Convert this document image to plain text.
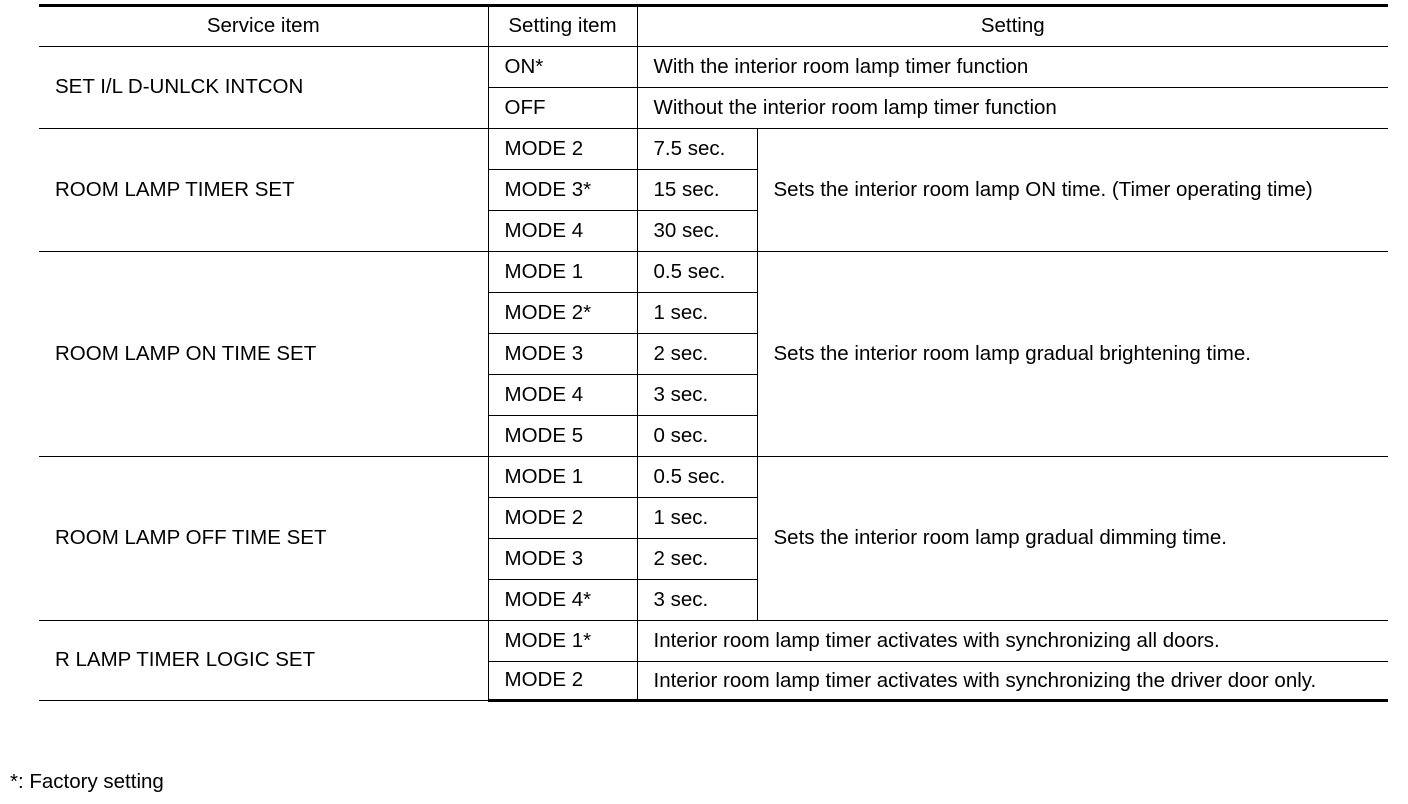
Service item	Setting item	Setting	
SET I/L D-UNLCK INTCON	ON*	With the interior room lamp timer function	
	OFF	Without the interior room lamp timer function	
ROOM LAMP TIMER SET	MODE 2	7.5 sec.	Sets the interior room lamp ON time. (Timer operating time)
	MODE 3*	15 sec.	
	MODE 4	30 sec.	
ROOM LAMP ON TIME SET	MODE 1	0.5 sec.	Sets the interior room lamp gradual brightening time.
	MODE 2*	1 sec.	
	MODE 3	2 sec.	
	MODE 4	3 sec.	
	MODE 5	0 sec.	
ROOM LAMP OFF TIME SET	MODE 1	0.5 sec.	Sets the interior room lamp gradual dimming time.
	MODE 2	1 sec.	
	MODE 3	2 sec.	
	MODE 4*	3 sec.	
R LAMP TIMER LOGIC SET	MODE 1*	Interior room lamp timer activates with synchronizing all doors.	
	MODE 2	Interior room lamp timer activates with synchronizing the driver door only.	
*: Factory setting
